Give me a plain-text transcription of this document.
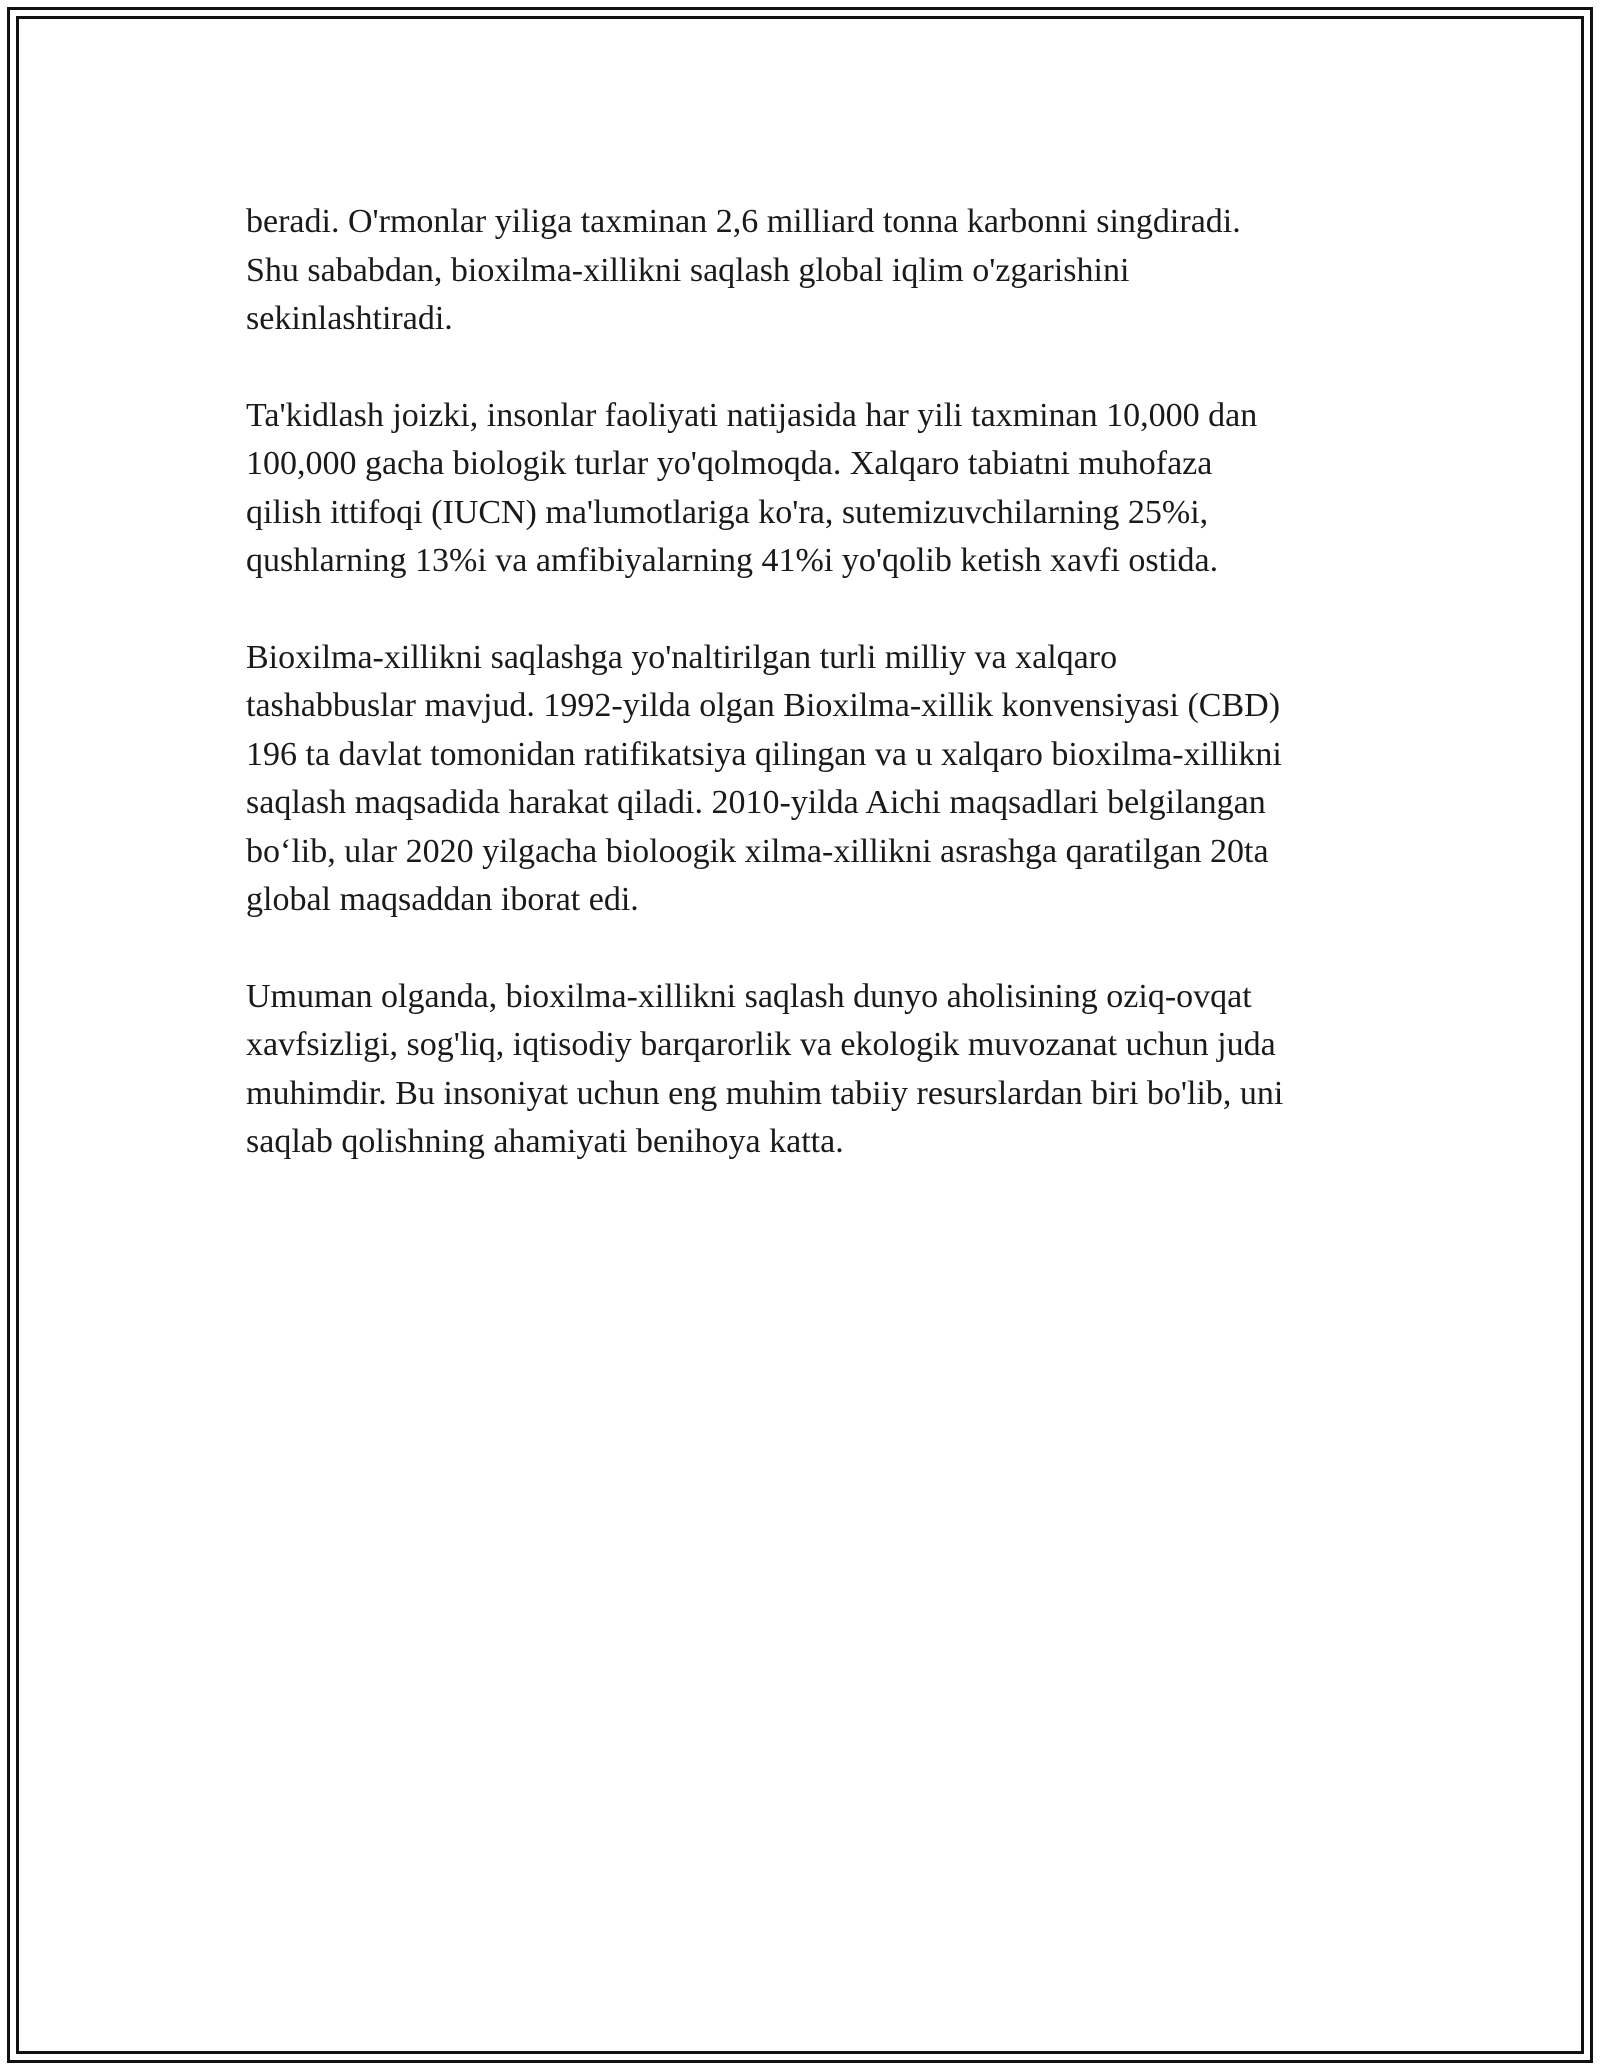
beradi. O'rmonlar yiliga taxminan 2,6 milliard tonna karbonni singdiradi.
Shu sababdan, bioxilma-xillikni saqlash global iqlim o'zgarishini
sekinlashtiradi.

Ta'kidlash joizki, insonlar faoliyati natijasida har yili taxminan 10,000 dan
100,000 gacha biologik turlar yo'qolmoqda. Xalqaro tabiatni muhofaza
qilish ittifoqi (IUCN) ma'lumotlariga ko'ra, sutemizuvchilarning 25%i,
qushlarning 13%i va amfibiyalarning 41%i yo'qolib ketish xavfi ostida.

Bioxilma-xillikni saqlashga yo'naltirilgan turli milliy va xalqaro
tashabbuslar mavjud. 1992-yilda olgan Bioxilma-xillik konvensiyasi (CBD)
196 ta davlat tomonidan ratifikatsiya qilingan va u xalqaro bioxilma-xillikni
saqlash maqsadida harakat qiladi. 2010-yilda Aichi maqsadlari belgilangan
bo‘lib, ular 2020 yilgacha bioloogik xilma-xillikni asrashga qaratilgan 20ta
global maqsaddan iborat edi.

Umuman olganda, bioxilma-xillikni saqlash dunyo aholisining oziq-ovqat
xavfsizligi, sog'liq, iqtisodiy barqarorlik va ekologik muvozanat uchun juda
muhimdir. Bu insoniyat uchun eng muhim tabiiy resurslardan biri bo'lib, uni
saqlab qolishning ahamiyati benihoya katta.
